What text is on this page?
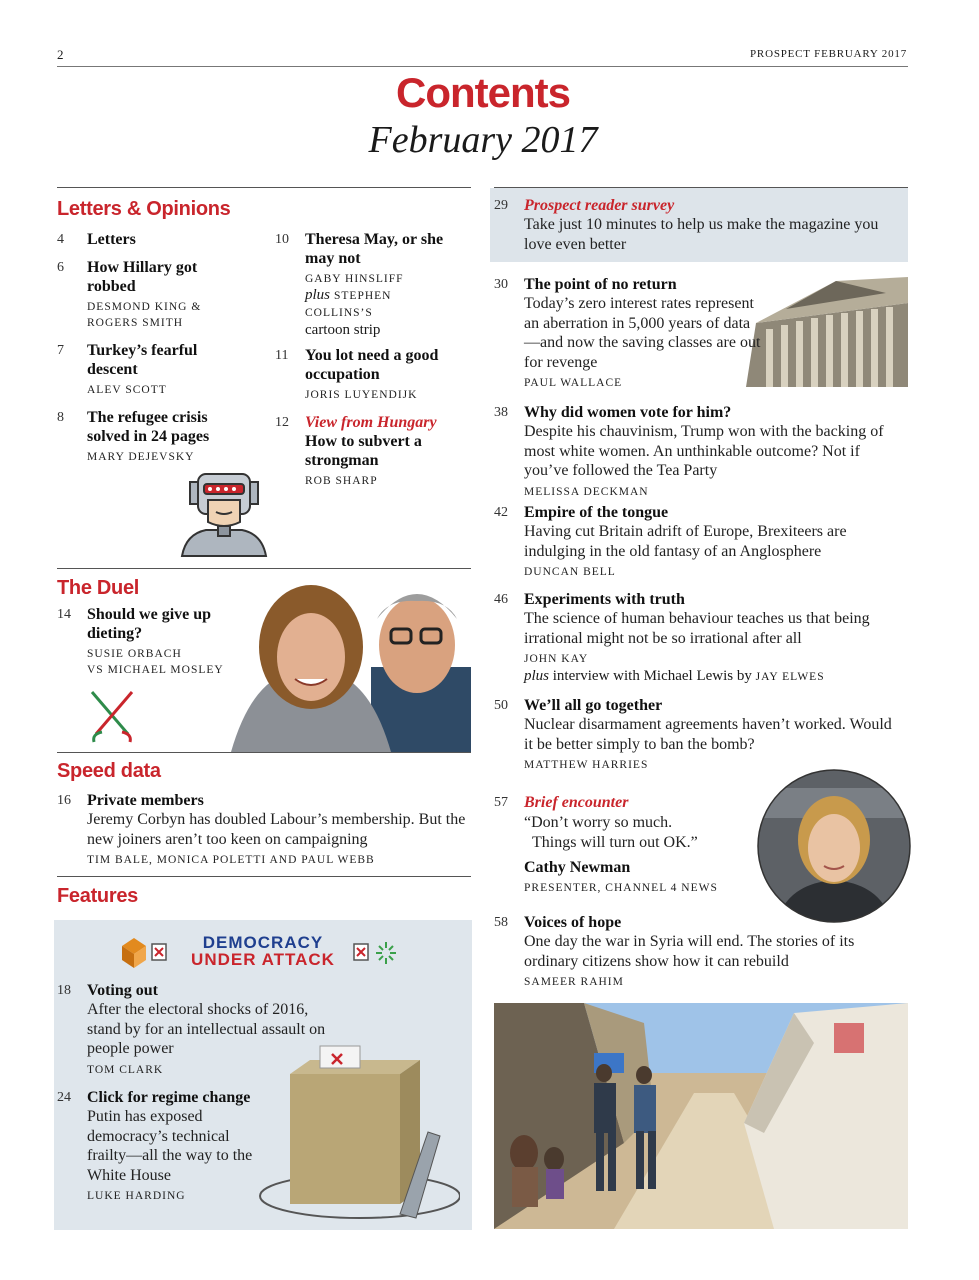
2	PROSPECT FEBRUARY 2017
Contents
February 2017
Letters & Opinions
4 Letters
6 How Hillary got robbed
DESMOND KING & ROGERS SMITH
7 Turkey’s fearful descent
ALEV SCOTT
8 The refugee crisis solved in 24 pages
MARY DEJEVSKY
10 Theresa May, or she may not
GABY HINSLIFF
plus STEPHEN COLLINS’S
cartoon strip
11 You lot need a good occupation
JORIS LUYENDIJK
12 View from Hungary
How to subvert a strongman
ROB SHARP
The Duel
14 Should we give up dieting?
SUSIE ORBACH
VS MICHAEL MOSLEY
Speed data
16 Private members
Jeremy Corbyn has doubled Labour’s membership. But the new joiners aren’t too keen on campaigning
TIM BALE, MONICA POLETTI AND PAUL WEBB
Features
DEMOCRACY
UNDER ATTACK
18 Voting out
After the electoral shocks of 2016, stand by for an intellectual assault on people power
TOM CLARK
24 Click for regime change
Putin has exposed democracy’s technical frailty—all the way to the White House
LUKE HARDING
29 Prospect reader survey
Take just 10 minutes to help us make the magazine you love even better
30 The point of no return
Today’s zero interest rates represent an aberration in 5,000 years of data—and now the saving classes are out for revenge
PAUL WALLACE
38 Why did women vote for him?
Despite his chauvinism, Trump won with the backing of most white women. An unthinkable outcome? Not if you’ve followed the Tea Party
MELISSA DECKMAN
42 Empire of the tongue
Having cut Britain adrift of Europe, Brexiteers are indulging in the old fantasy of an Anglosphere
DUNCAN BELL
46 Experiments with truth
The science of human behaviour teaches us that being irrational might not be so irrational after all
JOHN KAY
plus interview with Michael Lewis by JAY ELWES
50 We’ll all go together
Nuclear disarmament agreements haven’t worked. Would it be better simply to ban the bomb?
MATTHEW HARRIES
57 Brief encounter
“Don’t worry so much.
Things will turn out OK.”
Cathy Newman
PRESENTER, CHANNEL 4 NEWS
58 Voices of hope
One day the war in Syria will end. The stories of its ordinary citizens show how it can rebuild
SAMEER RAHIM
